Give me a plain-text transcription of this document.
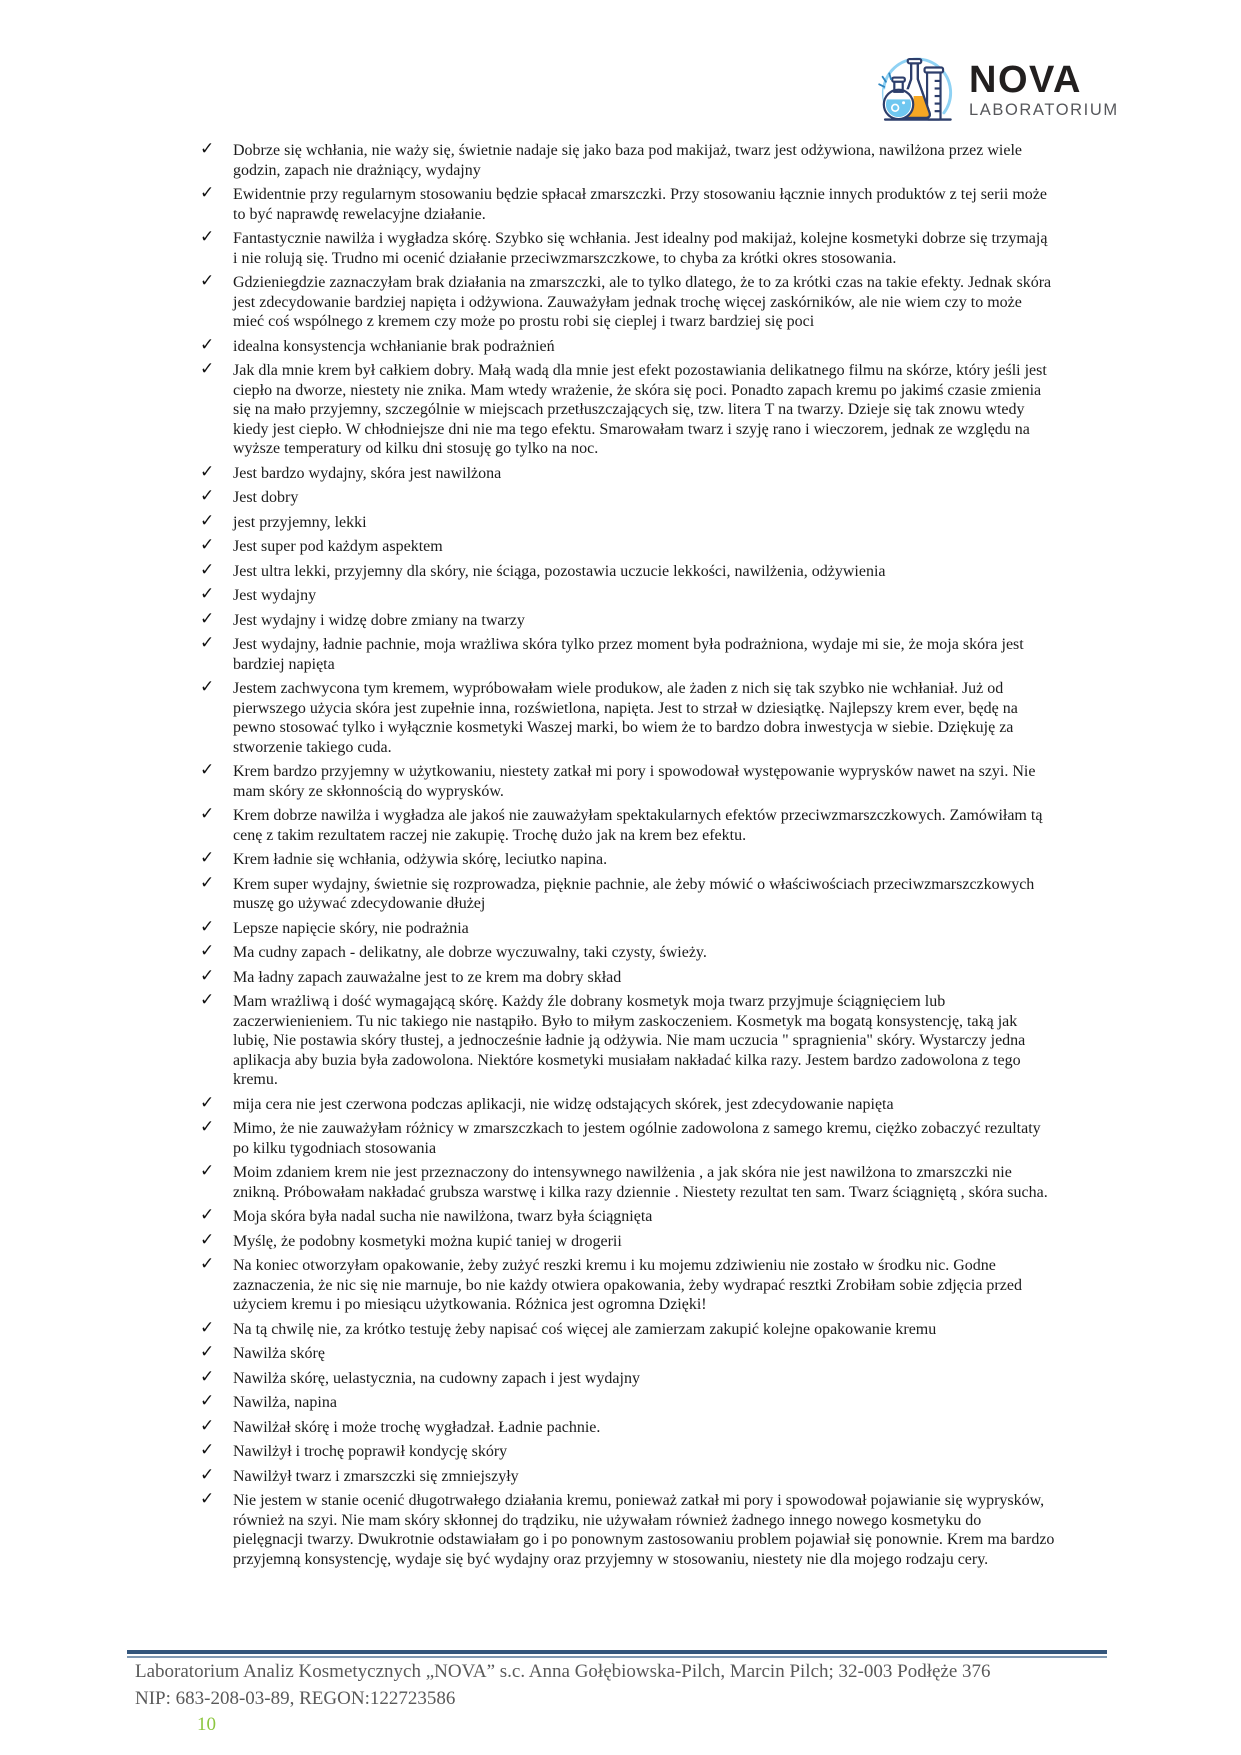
NOVA
LABORATORIUM
✓	Dobrze się wchłania, nie waży się, świetnie nadaje się jako baza pod makijaż, twarz jest odżywiona, nawilżona przez wiele godzin, zapach nie drażniący, wydajny
✓	Ewidentnie przy regularnym stosowaniu będzie spłacał zmarszczki. Przy stosowaniu łącznie innych produktów z tej serii może to być naprawdę rewelacyjne działanie.
✓	Fantastycznie nawilża i wygładza skórę. Szybko się wchłania. Jest idealny pod makijaż, kolejne kosmetyki dobrze się trzymają i nie rolują się. Trudno mi ocenić działanie przeciwzmarszczkowe, to chyba za krótki okres stosowania.
✓	Gdzieniegdzie zaznaczyłam brak działania na zmarszczki, ale to tylko dlatego, że to za krótki czas na takie efekty. Jednak skóra jest zdecydowanie bardziej napięta i odżywiona. Zauważyłam jednak trochę więcej zaskórników, ale nie wiem czy to może mieć coś wspólnego z kremem czy może po prostu robi się cieplej i twarz bardziej się poci
✓	idealna konsystencja wchłanianie brak podrażnień
✓	Jak dla mnie krem był całkiem dobry. Małą wadą dla mnie jest efekt pozostawiania delikatnego filmu na skórze, który jeśli jest ciepło na dworze, niestety nie znika. Mam wtedy wrażenie, że skóra się poci. Ponadto zapach kremu po jakimś czasie zmienia się na mało przyjemny, szczególnie w miejscach przetłuszczających się, tzw. litera T na twarzy. Dzieje się tak znowu wtedy kiedy jest ciepło. W chłodniejsze dni nie ma tego efektu. Smarowałam twarz i szyję rano i wieczorem, jednak ze względu na wyższe temperatury od kilku dni stosuję go tylko na noc.
✓	Jest bardzo wydajny, skóra jest nawilżona
✓	Jest dobry
✓	jest przyjemny, lekki
✓	Jest super pod każdym aspektem
✓	Jest ultra lekki, przyjemny dla skóry, nie ściąga, pozostawia uczucie lekkości, nawilżenia, odżywienia
✓	Jest wydajny
✓	Jest wydajny i widzę dobre zmiany na twarzy
✓	Jest wydajny, ładnie pachnie, moja wrażliwa skóra tylko przez moment była podrażniona, wydaje mi sie, że moja skóra jest bardziej napięta
✓	Jestem zachwycona tym kremem, wypróbowałam wiele produkow, ale żaden z nich się tak szybko nie wchłaniał. Już od pierwszego użycia skóra jest zupełnie inna, rozświetlona, napięta. Jest to strzał w dziesiątkę. Najlepszy krem ever, będę na pewno stosować tylko i wyłącznie kosmetyki Waszej marki, bo wiem że to bardzo dobra inwestycja w siebie. Dziękuję za stworzenie takiego cuda.
✓	Krem bardzo przyjemny w użytkowaniu, niestety zatkał mi pory i spowodował występowanie wyprysków nawet na szyi. Nie mam skóry ze skłonnością do wyprysków.
✓	Krem dobrze nawilża i wygładza ale jakoś nie zauważyłam spektakularnych efektów przeciwzmarszczkowych. Zamówiłam tą cenę z takim rezultatem raczej nie zakupię. Trochę dużo jak na krem bez efektu.
✓	Krem ładnie się wchłania, odżywia skórę, leciutko napina.
✓	Krem super wydajny, świetnie się rozprowadza, pięknie pachnie, ale żeby mówić o właściwościach przeciwzmarszczkowych muszę go używać zdecydowanie dłużej
✓	Lepsze napięcie skóry, nie podrażnia
✓	Ma cudny zapach - delikatny, ale dobrze wyczuwalny, taki czysty, świeży.
✓	Ma ładny zapach zauważalne jest to ze krem ma dobry skład
✓	Mam wrażliwą i dość wymagającą skórę. Każdy źle dobrany kosmetyk moja twarz przyjmuje ściągnięciem lub zaczerwienieniem. Tu nic takiego nie nastąpiło. Było to miłym zaskoczeniem. Kosmetyk ma bogatą konsystencję, taką jak lubię, Nie postawia skóry tłustej, a jednocześnie ładnie ją odżywia. Nie mam uczucia " spragnienia" skóry. Wystarczy jedna aplikacja aby buzia była zadowolona. Niektóre kosmetyki musiałam nakładać kilka razy. Jestem bardzo zadowolona z tego kremu.
✓	mija cera nie jest czerwona podczas aplikacji, nie widzę odstających skórek, jest zdecydowanie napięta
✓	Mimo, że nie zauważyłam różnicy w zmarszczkach to jestem ogólnie zadowolona z samego kremu, ciężko zobaczyć rezultaty po kilku tygodniach stosowania
✓	Moim zdaniem krem nie jest przeznaczony do intensywnego nawilżenia , a jak skóra nie jest nawilżona to zmarszczki nie znikną. Próbowałam nakładać grubsza warstwę i kilka razy dziennie . Niestety rezultat ten sam. Twarz ściągniętą , skóra sucha.
✓	Moja skóra była nadal sucha nie nawilżona, twarz była ściągnięta
✓	Myślę, że podobny kosmetyki można kupić taniej w drogerii
✓	Na koniec otworzyłam opakowanie, żeby zużyć reszki kremu i ku mojemu zdziwieniu nie zostało w środku nic. Godne zaznaczenia, że nic się nie marnuje, bo nie każdy otwiera opakowania, żeby wydrapać resztki Zrobiłam sobie zdjęcia przed użyciem kremu i po miesiącu użytkowania. Różnica jest ogromna Dzięki!
✓	Na tą chwilę nie, za krótko testuję żeby napisać coś więcej ale zamierzam zakupić kolejne opakowanie kremu
✓	Nawilża skórę
✓	Nawilża skórę, uelastycznia, na cudowny zapach i jest wydajny
✓	Nawilża, napina
✓	Nawilżał skórę i może trochę wygładzał. Ładnie pachnie.
✓	Nawilżył i trochę poprawił kondycję skóry
✓	Nawilżył twarz i zmarszczki się zmniejszyły
✓	Nie jestem w stanie ocenić długotrwałego działania kremu, ponieważ zatkał mi pory i spowodował pojawianie się wyprysków, również na szyi. Nie mam skóry skłonnej do trądziku, nie używałam również żadnego innego nowego kosmetyku do pielęgnacji twarzy. Dwukrotnie odstawiałam go i po ponownym zastosowaniu problem pojawiał się ponownie. Krem ma bardzo przyjemną konsystencję, wydaje się być wydajny oraz przyjemny w stosowaniu, niestety nie dla mojego rodzaju cery.
Laboratorium Analiz Kosmetycznych „NOVA” s.c. Anna Gołębiowska-Pilch, Marcin Pilch; 32-003 Podłęże 376
NIP: 683-208-03-89, REGON:122723586
10
